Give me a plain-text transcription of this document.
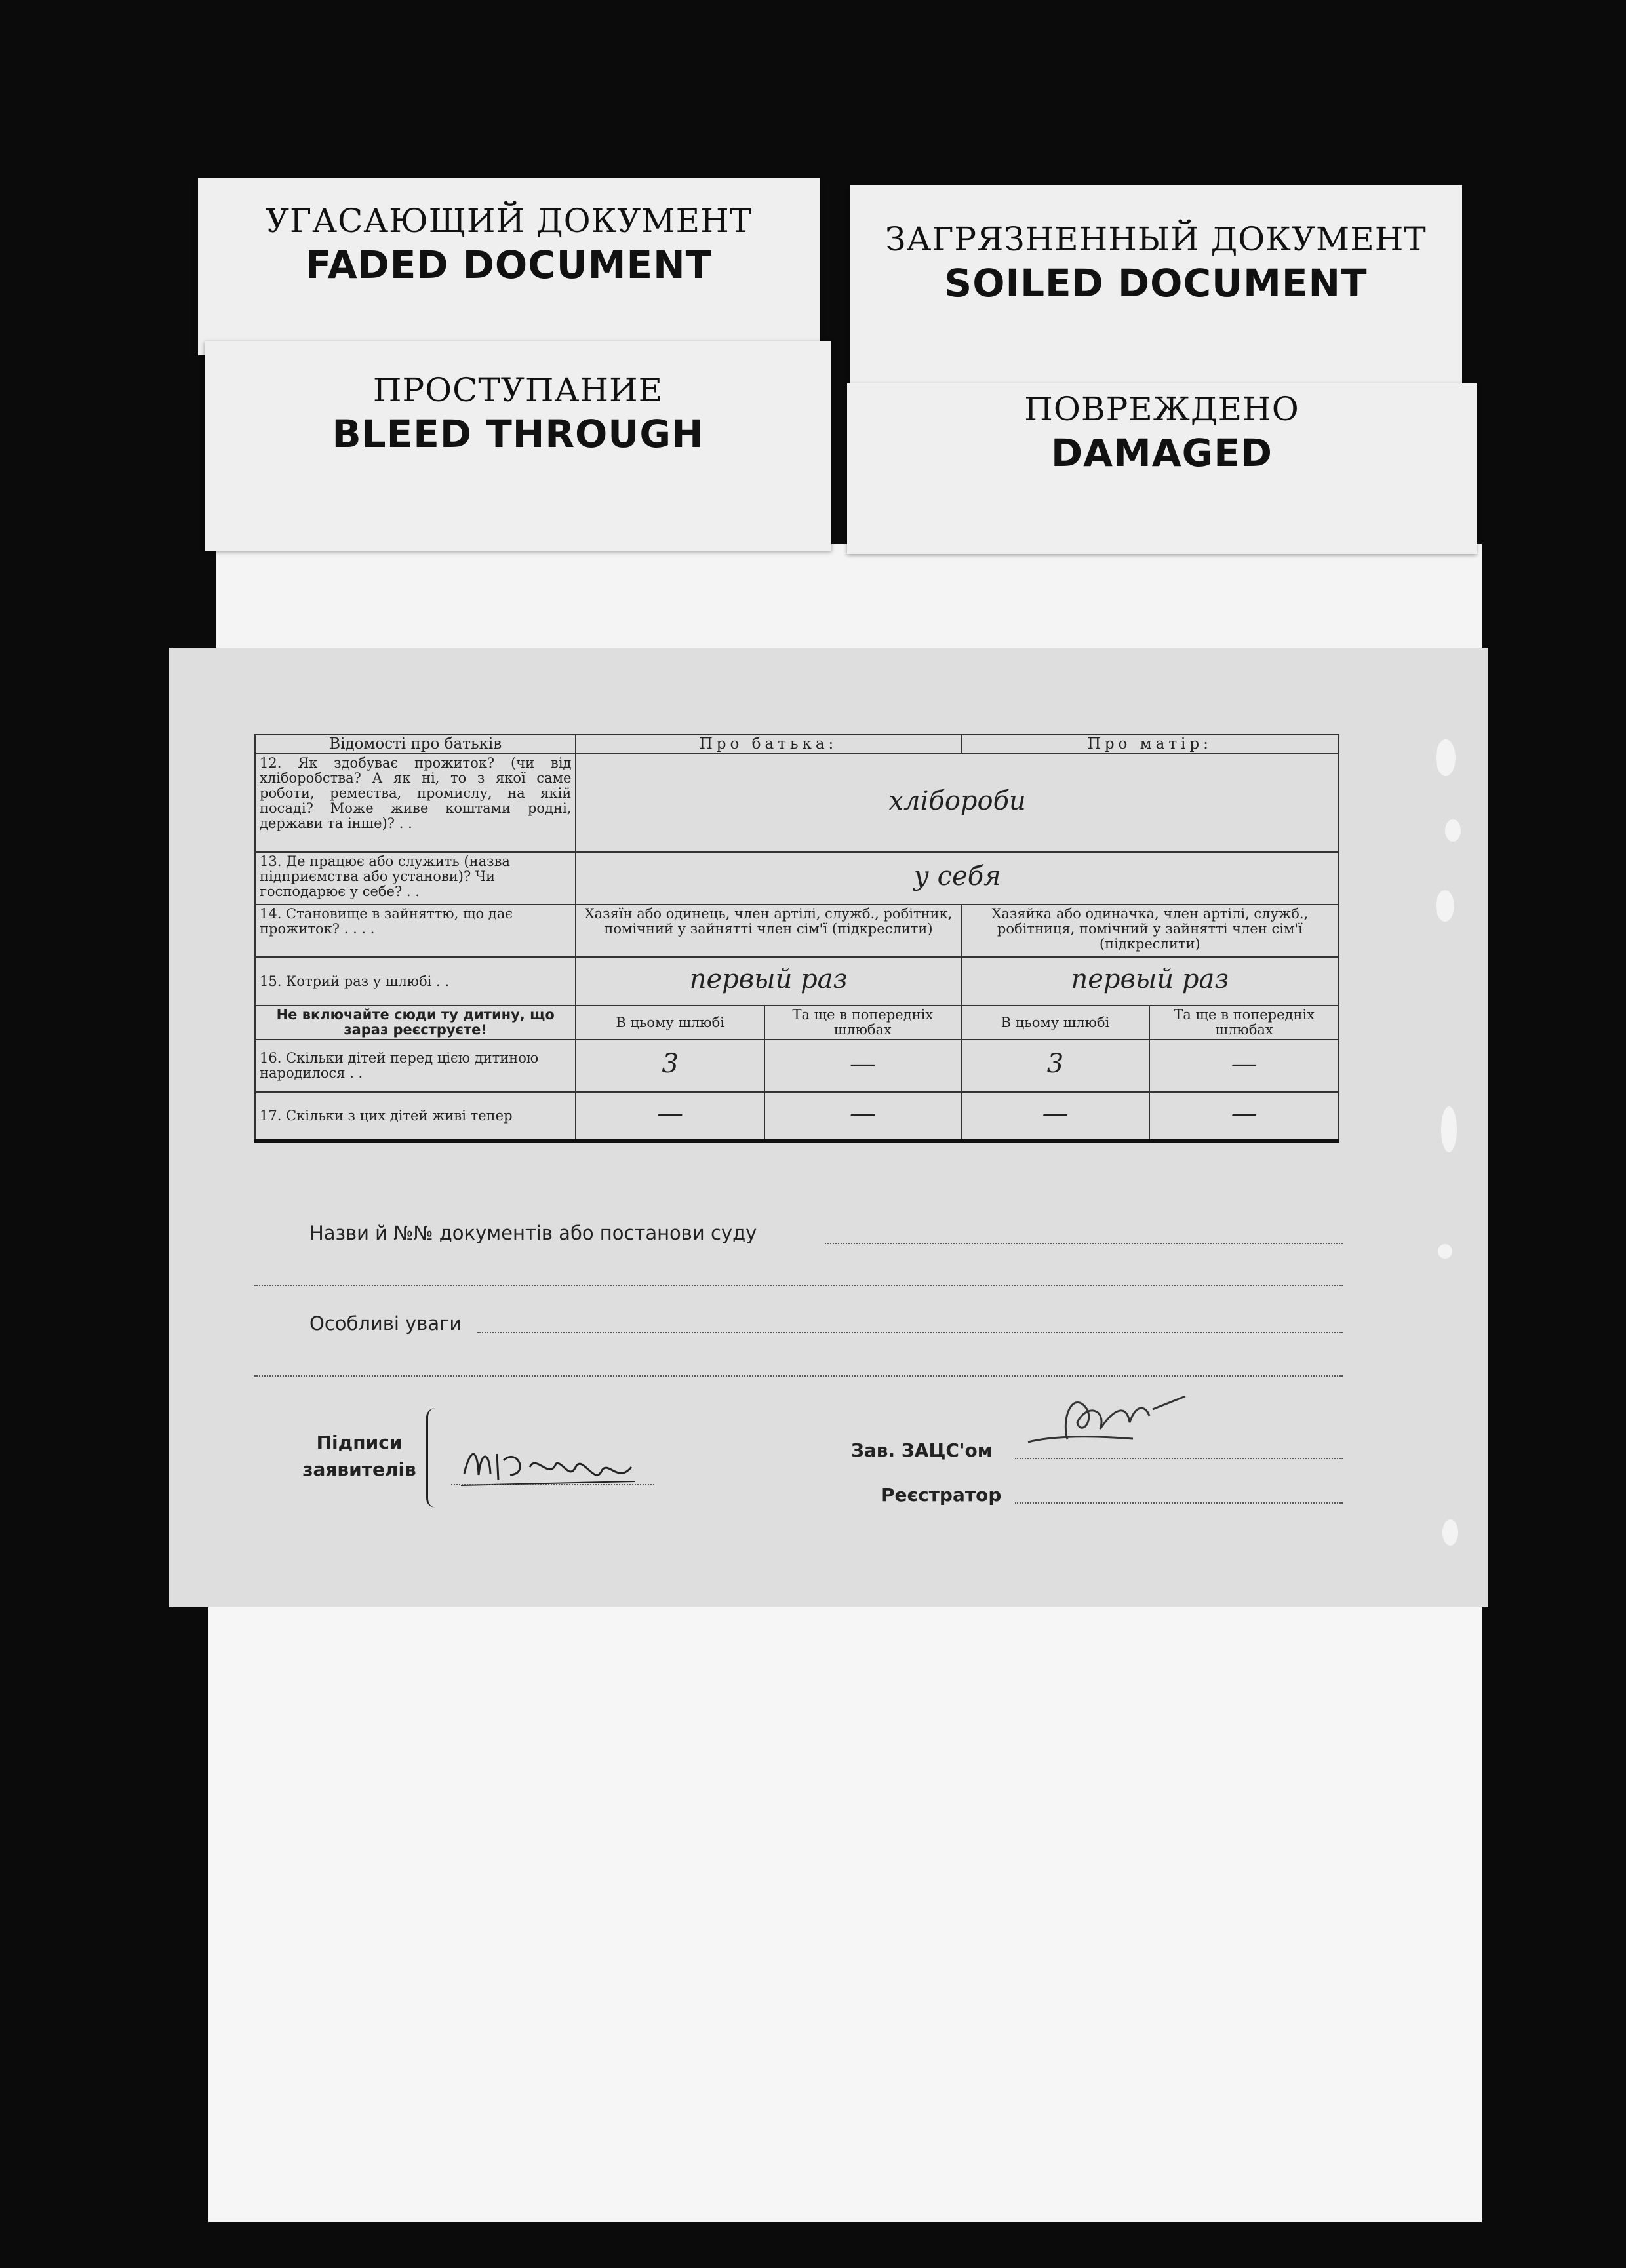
УГАСАЮЩИЙ ДОКУМЕНТ
FADED DOCUMENT
ЗАГРЯЗНЕННЫЙ ДОКУМЕНТ
SOILED DOCUMENT
ПРОСТУПАНИЕ
BLEED THROUGH
ПОВРЕЖДЕНО
DAMAGED
Відомості про батьків	Про батька:		Про матір:	
12. Як здобуває прожиток? (чи від хліборобства? А як ні, то з якої саме роботи, ремества, промислу, на якій посаді? Може живе коштами родні, держави та інше)? . .	хлібороби			
13. Де працює або служить (назва підприємства або установи)? Чи господарює у себе? . .	у себя			
14. Становище в зайняттю, що дає прожиток? . . . .	Хазяїн або одинець, член артілі, служб., робітник, помічний у зайнятті член сім'ї (підкреслити)		Хазяйка або одиначка, член артілі, служб., робітниця, помічний у зайнятті член сім'ї (підкреслити)	
15. Котрий раз у шлюбі . .	первый раз		первый раз	
Не включайте сюди ту дитину, що зараз реєструєте!	В цьому шлюбі	Та ще в попередніх шлюбах	В цьому шлюбі	Та ще в попередніх шлюбах
16. Скільки дітей перед цією дитиною народилося . .	3	—	3	—
17. Скільки з цих дітей живі тепер	—	—	—	—
Назви й №№ документів або постанови суду
Особливі уваги
Підписи
заявителів
Зав. ЗАЦС'ом
Реєстратор
